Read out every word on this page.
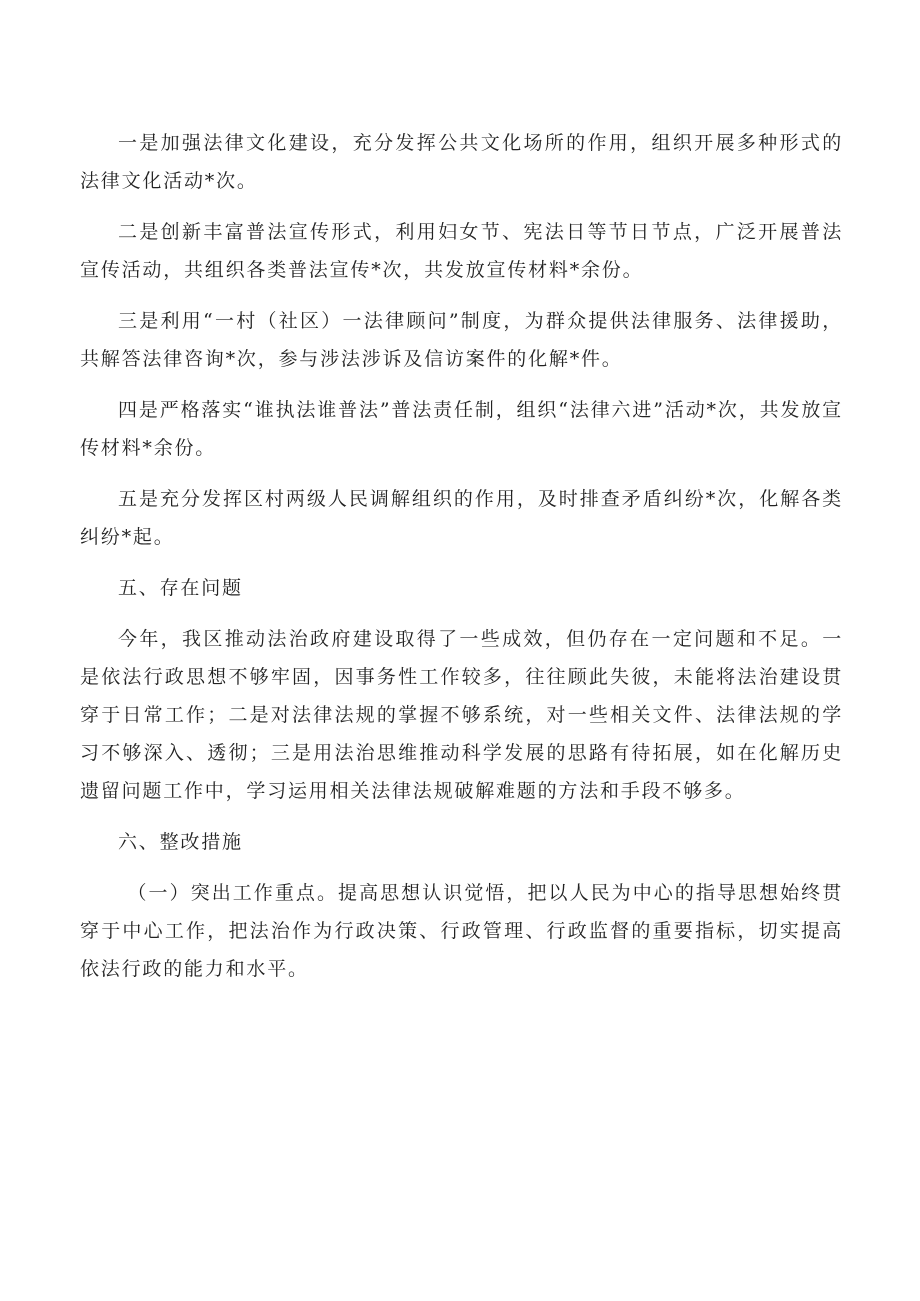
一是加强法律文化建设，充分发挥公共文化场所的作用，组织开展多种形式的法律文化活动*次。

二是创新丰富普法宣传形式，利用妇女节、宪法日等节日节点，广泛开展普法宣传活动，共组织各类普法宣传*次，共发放宣传材料*余份。

三是利用“一村（社区）一法律顾问”制度，为群众提供法律服务、法律援助，共解答法律咨询*次，参与涉法涉诉及信访案件的化解*件。

四是严格落实“谁执法谁普法”普法责任制，组织“法律六进”活动*次，共发放宣传材料*余份。

五是充分发挥区村两级人民调解组织的作用，及时排查矛盾纠纷*次，化解各类纠纷*起。

五、存在问题

今年，我区推动法治政府建设取得了一些成效，但仍存在一定问题和不足。一是依法行政思想不够牢固，因事务性工作较多，往往顾此失彼，未能将法治建设贯穿于日常工作；二是对法律法规的掌握不够系统，对一些相关文件、法律法规的学习不够深入、透彻；三是用法治思维推动科学发展的思路有待拓展，如在化解历史遗留问题工作中，学习运用相关法律法规破解难题的方法和手段不够多。

六、整改措施

（一）突出工作重点。提高思想认识觉悟，把以人民为中心的指导思想始终贯穿于中心工作，把法治作为行政决策、行政管理、行政监督的重要指标，切实提高依法行政的能力和水平。
